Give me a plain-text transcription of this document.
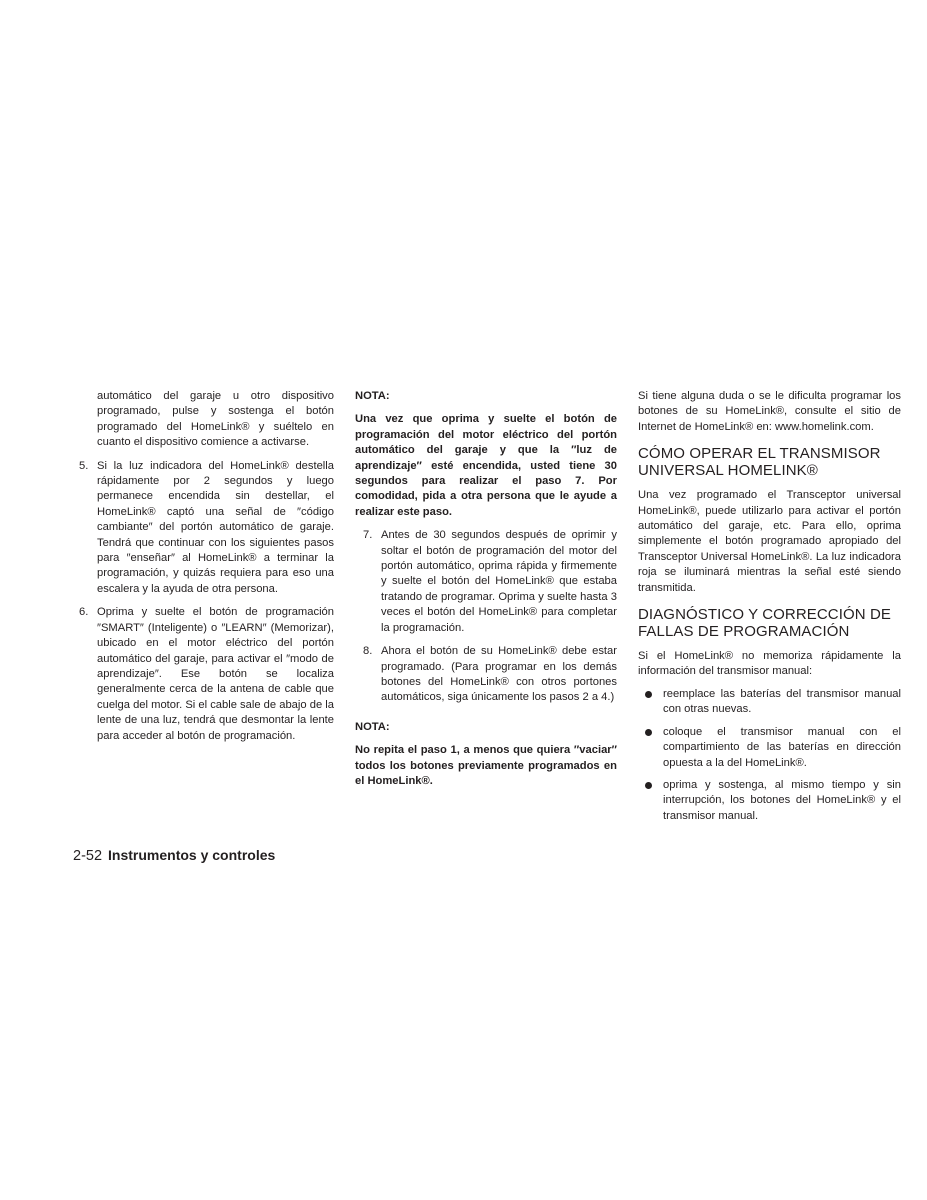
automático del garaje u otro dispositivo programado, pulse y sostenga el botón programado del HomeLink® y suéltelo en cuanto el dispositivo comience a activarse.

5. Si la luz indicadora del HomeLink® destella rápidamente por 2 segundos y luego permanece encendida sin destellar, el HomeLink® captó una señal de ″código cambiante″ del portón automático de garaje. Tendrá que continuar con los siguientes pasos para ″enseñar″ al HomeLink® a terminar la programación, y quizás requiera para eso una escalera y la ayuda de otra persona.
6. Oprima y suelte el botón de programación ″SMART″ (Inteligente) o ″LEARN″ (Memorizar), ubicado en el motor eléctrico del portón automático del garaje, para activar el ″modo de aprendizaje″. Ese botón se localiza generalmente cerca de la antena de cable que cuelga del motor. Si el cable sale de abajo de la lente de una luz, tendrá que desmontar la lente para acceder al botón de programación.

NOTA:

Una vez que oprima y suelte el botón de programación del motor eléctrico del portón automático del garaje y que la ″luz de aprendizaje″ esté encendida, usted tiene 30 segundos para realizar el paso 7. Por comodidad, pida a otra persona que le ayude a realizar este paso.

7. Antes de 30 segundos después de oprimir y soltar el botón de programación del motor del portón automático, oprima rápida y firmemente y suelte el botón del HomeLink® que estaba tratando de programar. Oprima y suelte hasta 3 veces el botón del HomeLink® para completar la programación.
8. Ahora el botón de su HomeLink® debe estar programado. (Para programar en los demás botones del HomeLink® con otros portones automáticos, siga únicamente los pasos 2 a 4.)

NOTA:

No repita el paso 1, a menos que quiera ″vaciar″ todos los botones previamente programados en el HomeLink®.

Si tiene alguna duda o se le dificulta programar los botones de su HomeLink®, consulte el sitio de Internet de HomeLink® en: www.homelink.com.

CÓMO OPERAR EL TRANSMISOR UNIVERSAL HOMELINK®

Una vez programado el Transceptor universal HomeLink®, puede utilizarlo para activar el portón automático del garaje, etc. Para ello, oprima simplemente el botón programado apropiado del Transceptor Universal HomeLink®. La luz indicadora roja se iluminará mientras la señal esté siendo transmitida.

DIAGNÓSTICO Y CORRECCIÓN DE FALLAS DE PROGRAMACIÓN

Si el HomeLink® no memoriza rápidamente la información del transmisor manual:

reemplace las baterías del transmisor manual con otras nuevas.
coloque el transmisor manual con el compartimiento de las baterías en dirección opuesta a la del HomeLink®.
oprima y sostenga, al mismo tiempo y sin interrupción, los botones del HomeLink® y el transmisor manual.
2-52 Instrumentos y controles
